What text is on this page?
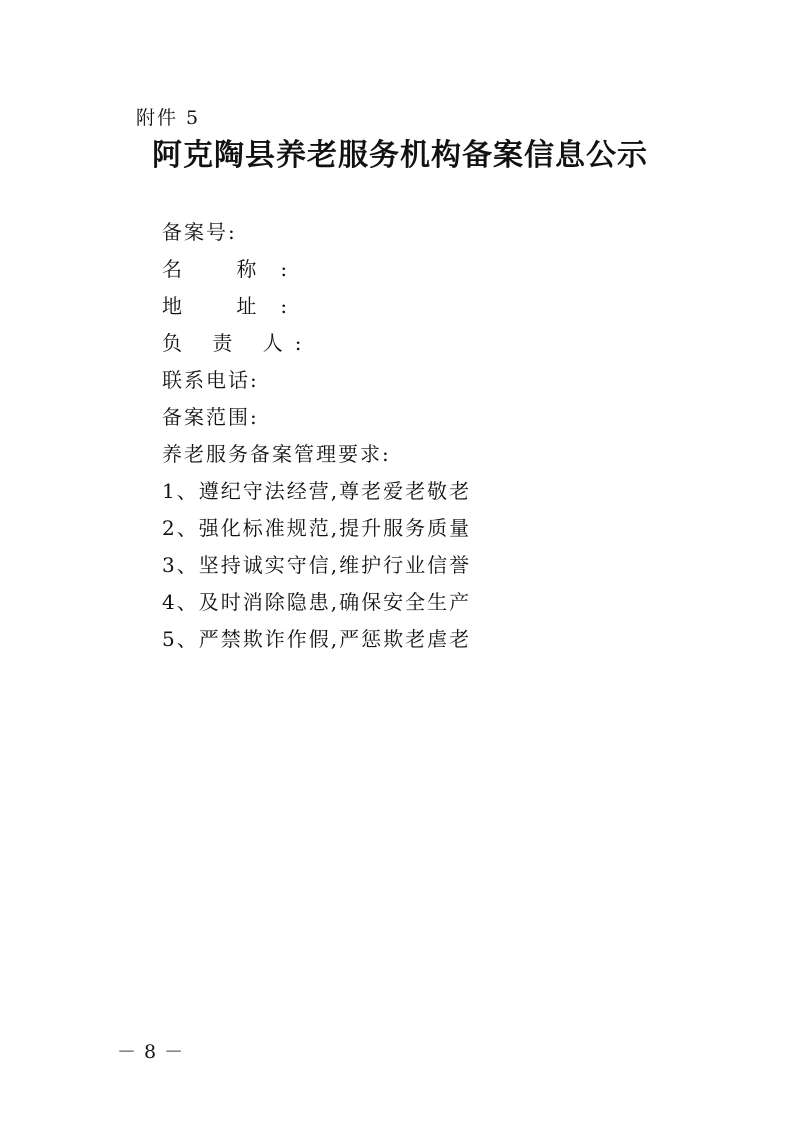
附件 5
阿克陶县养老服务机构备案信息公示
备案号:
名 称:
地 址:
负 责 人:
联系电话:
备案范围:
养老服务备案管理要求:
1、遵纪守法经营,尊老爱老敬老
2、强化标准规范,提升服务质量
3、坚持诚实守信,维护行业信誉
4、及时消除隐患,确保安全生产
5、严禁欺诈作假,严惩欺老虐老
－ 8 －
